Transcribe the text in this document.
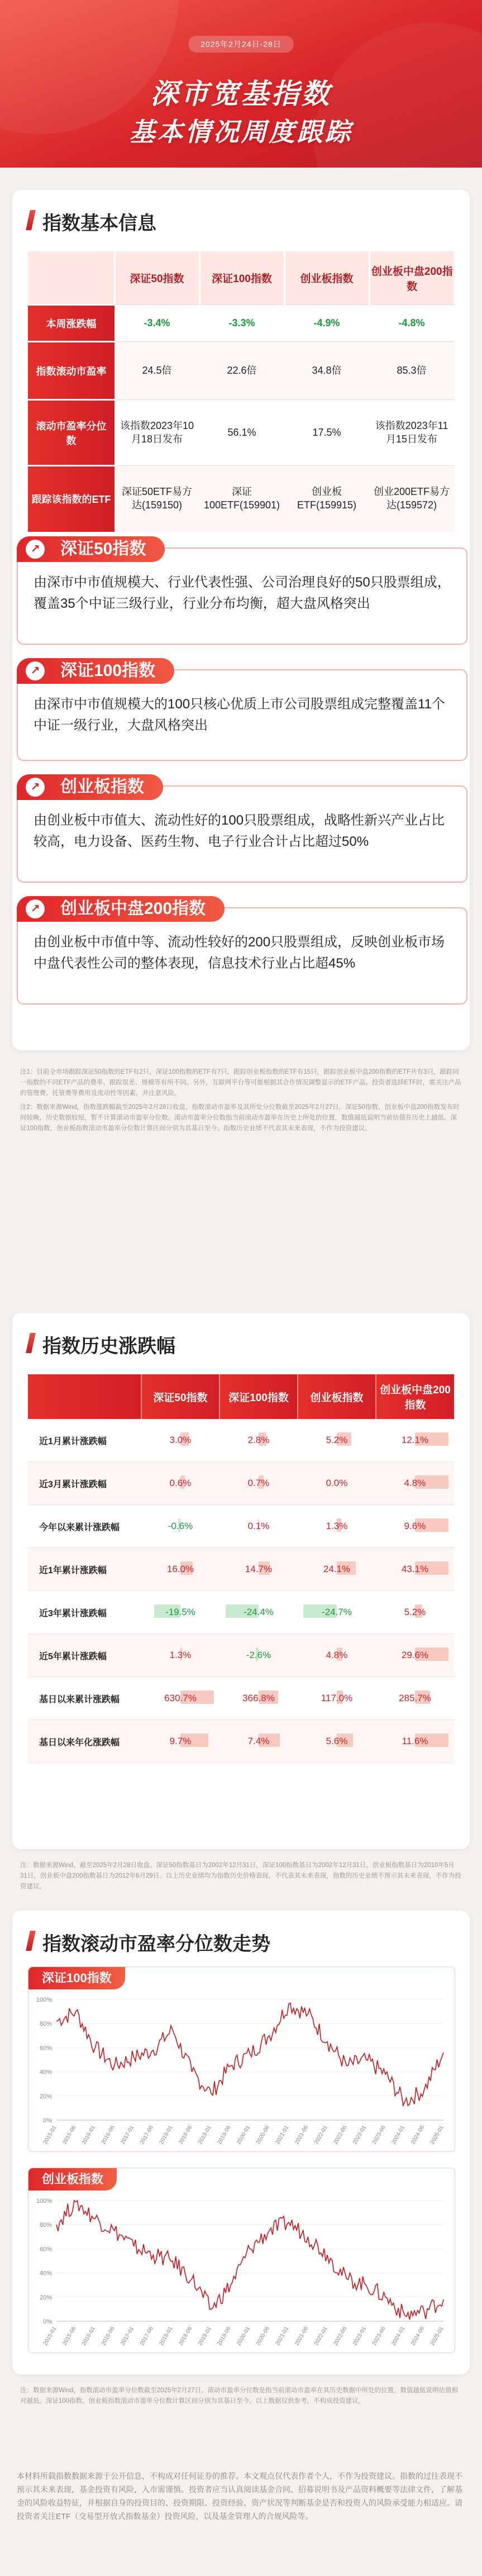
2025年2月24日-28日
深市宽基指数
基本情况周度跟踪
指数基本信息
	深证50指数	深证100指数	创业板指数	创业板中盘200指数
本周涨跌幅	-3.4%	-3.3%	-4.9%	-4.8%
指数滚动市盈率	24.5倍	22.6倍	34.8倍	85.3倍
滚动市盈率分位数	该指数2023年10月18日发布	56.1%	17.5%	该指数2023年11月15日发布
跟踪该指数的ETF	深证50ETF易方达(159150)	深证100ETF(159901)	创业板ETF(159915)	创业200ETF易方达(159572)
↗ 深证50指数
由深市中市值规模大、行业代表性强、公司治理良好的50只股票组成，覆盖35个中证三级行业，行业分布均衡，超大盘风格突出
↗ 深证100指数
由深市中市值规模大的100只核心优质上市公司股票组成完整覆盖11个中证一级行业，大盘风格突出
↗ 创业板指数
由创业板中市值大、流动性好的100只股票组成，战略性新兴产业占比较高，电力设备、医药生物、电子行业合计占比超过50%
↗ 创业板中盘200指数
由创业板中市值中等、流动性较好的200只股票组成，反映创业板市场中盘代表性公司的整体表现，信息技术行业占比超45%

注1：目前全市场跟踪深证50指数的ETF有2只，深证100指数的ETF有7只，跟踪创业板指数的ETF有15只，跟踪创业板中盘200指数的ETF共有3只，跟踪同一指数的不同ETF产品的费率、跟踪误差、规模等有所不同。另外，互联网平台等可能根据其合作情况调整显示的ETF产品。投资者选择ETF时，需关注产品的管理费、托管费等费用及流动性等因素，并注意风险。

注2：数据来源Wind，指数涨跌幅截至2025年2月28日收盘，指数滚动市盈率及其所处分位数截至2025年2月27日。深证50指数、创业板中盘200指数发布时间较晚，历史数据较短，暂不计算滚动市盈率分位数。滚动市盈率分位数指当前滚动市盈率在历史上所处的位置，数值越低说明当前估值在历史上越低。深证100指数、创业板指数滚动市盈率分位数计算区间分别为其基日至今。指数历史业绩不代表其未来表现，不作为投资建议。

指数历史涨跌幅
	深证50指数	深证100指数	创业板指数	创业板中盘200指数
近1月累计涨跌幅	3.0%	2.8%	5.2%	12.1%
近3月累计涨跌幅	0.6%	0.7%	0.0%	4.8%
今年以来累计涨跌幅	-0.6%	0.1%	1.3%	9.6%
近1年累计涨跌幅	16.0%	14.7%	24.1%	43.1%
近3年累计涨跌幅	-19.5%	-24.4%	-24.7%	5.2%
近5年累计涨跌幅	1.3%	-2.6%	4.8%	29.6%
基日以来累计涨跌幅	630.7%	366.8%	117.0%	285.7%
基日以来年化涨跌幅	9.7%	7.4%	5.6%	11.6%

注：数据来源Wind，截至2025年2月28日收盘。深证50指数基日为2002年12月31日，深证100指数基日为2002年12月31日，创业板指数基日为2010年5月31日，创业板中盘200指数基日为2012年6月29日。以上历史业绩均为指数历史价格表现，不代表其未来表现，指数的历史业绩不预示其未来表现，不作为投资建议。

指数滚动市盈率分位数走势
深证100指数
0%
20%
40%
60%
80%
100%
2015-01 2015-06 2016-01 2016-06 2017-01 2017-06 2018-01 2018-06 2019-01 2019-06 2020-01 2020-06 2021-01 2021-06 2022-01 2022-06 2023-01 2023-06 2024-01 2024-06 2025-01
创业板指数
0%
20%
40%
60%
80%
100%
2015-01 2015-06 2016-01 2016-06 2017-01 2017-06 2018-01 2018-06 2019-01 2019-06 2020-01 2020-06 2021-01 2021-06 2022-01 2022-06 2023-01 2023-06 2024-01 2024-06 2025-01

注：数据来源Wind，指数滚动市盈率分位数截至2025年2月27日。滚动市盈率分位数是指当前滚动市盈率在其历史数据中所处的位置，数值越低说明估值相对越低。深证100指数、创业板指数滚动市盈率分位数计算区间分别为其基日至今。以上数据仅供参考，不构成投资建议。

本材料所载指数数据来源于公开信息，不构成对任何证券的推荐。本文观点仅代表作者个人，不作为投资建议。指数的过往表现不预示其未来表现，基金投资有风险，入市需谨慎。投资者应当认真阅读基金合同、招募说明书及产品资料概要等法律文件，了解基金的风险收益特征，并根据自身的投资目的、投资期限、投资经验、资产状况等判断基金是否和投资人的风险承受能力相适应。请投资者关注ETF（交易型开放式指数基金）投资风险，以及基金管理人的合规风险等。
